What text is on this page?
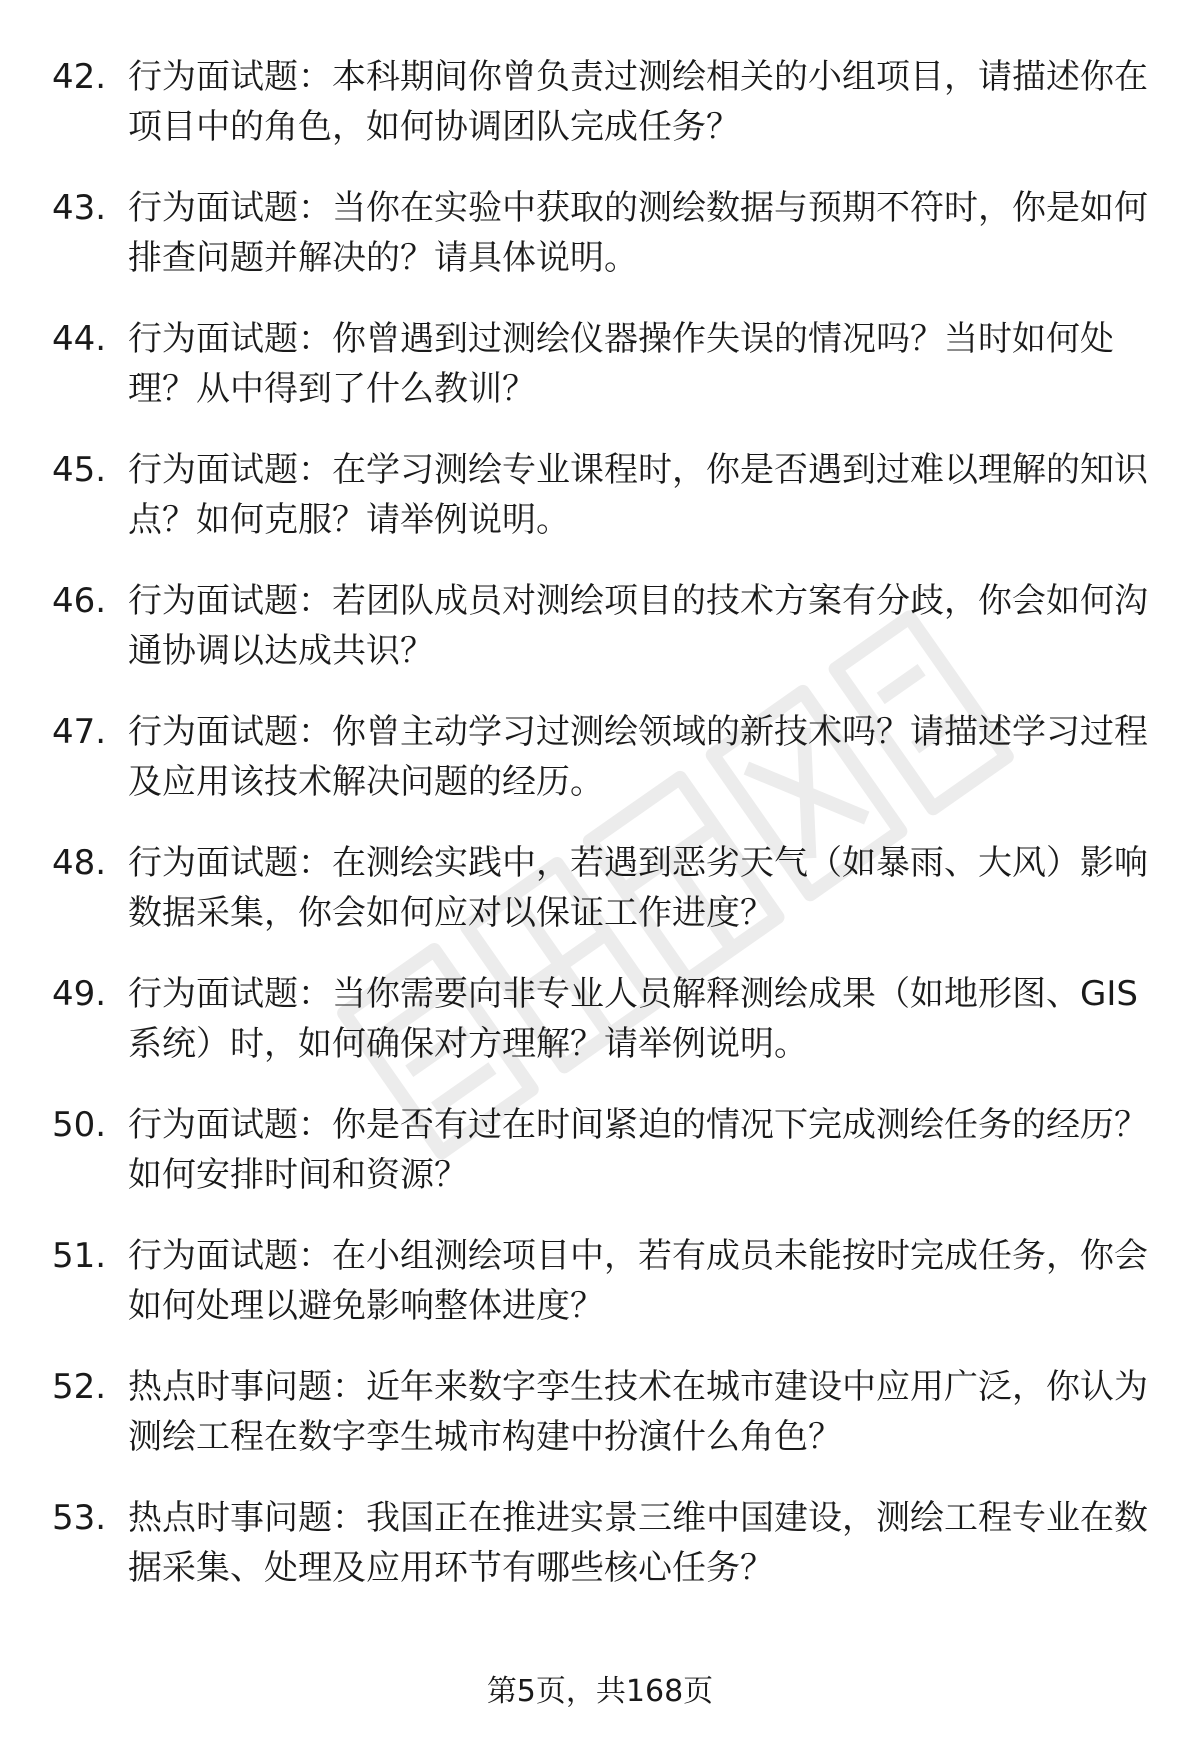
42. 行为面试题：本科期间你曾负责过测绘相关的小组项目，请描述你在项目中的角色，如何协调团队完成任务？
43. 行为面试题：当你在实验中获取的测绘数据与预期不符时，你是如何排查问题并解决的？请具体说明。
44. 行为面试题：你曾遇到过测绘仪器操作失误的情况吗？当时如何处理？从中得到了什么教训？
45. 行为面试题：在学习测绘专业课程时，你是否遇到过难以理解的知识点？如何克服？请举例说明。
46. 行为面试题：若团队成员对测绘项目的技术方案有分歧，你会如何沟通协调以达成共识？
47. 行为面试题：你曾主动学习过测绘领域的新技术吗？请描述学习过程及应用该技术解决问题的经历。
48. 行为面试题：在测绘实践中，若遇到恶劣天气（如暴雨、大风）影响数据采集，你会如何应对以保证工作进度？
49. 行为面试题：当你需要向非专业人员解释测绘成果（如地形图、GIS系统）时，如何确保对方理解？请举例说明。
50. 行为面试题：你是否有过在时间紧迫的情况下完成测绘任务的经历？如何安排时间和资源？
51. 行为面试题：在小组测绘项目中，若有成员未能按时完成任务，你会如何处理以避免影响整体进度？
52. 热点时事问题：近年来数字孪生技术在城市建设中应用广泛，你认为测绘工程在数字孪生城市构建中扮演什么角色？
53. 热点时事问题：我国正在推进实景三维中国建设，测绘工程专业在数据采集、处理及应用环节有哪些核心任务？
第5页，共168页
